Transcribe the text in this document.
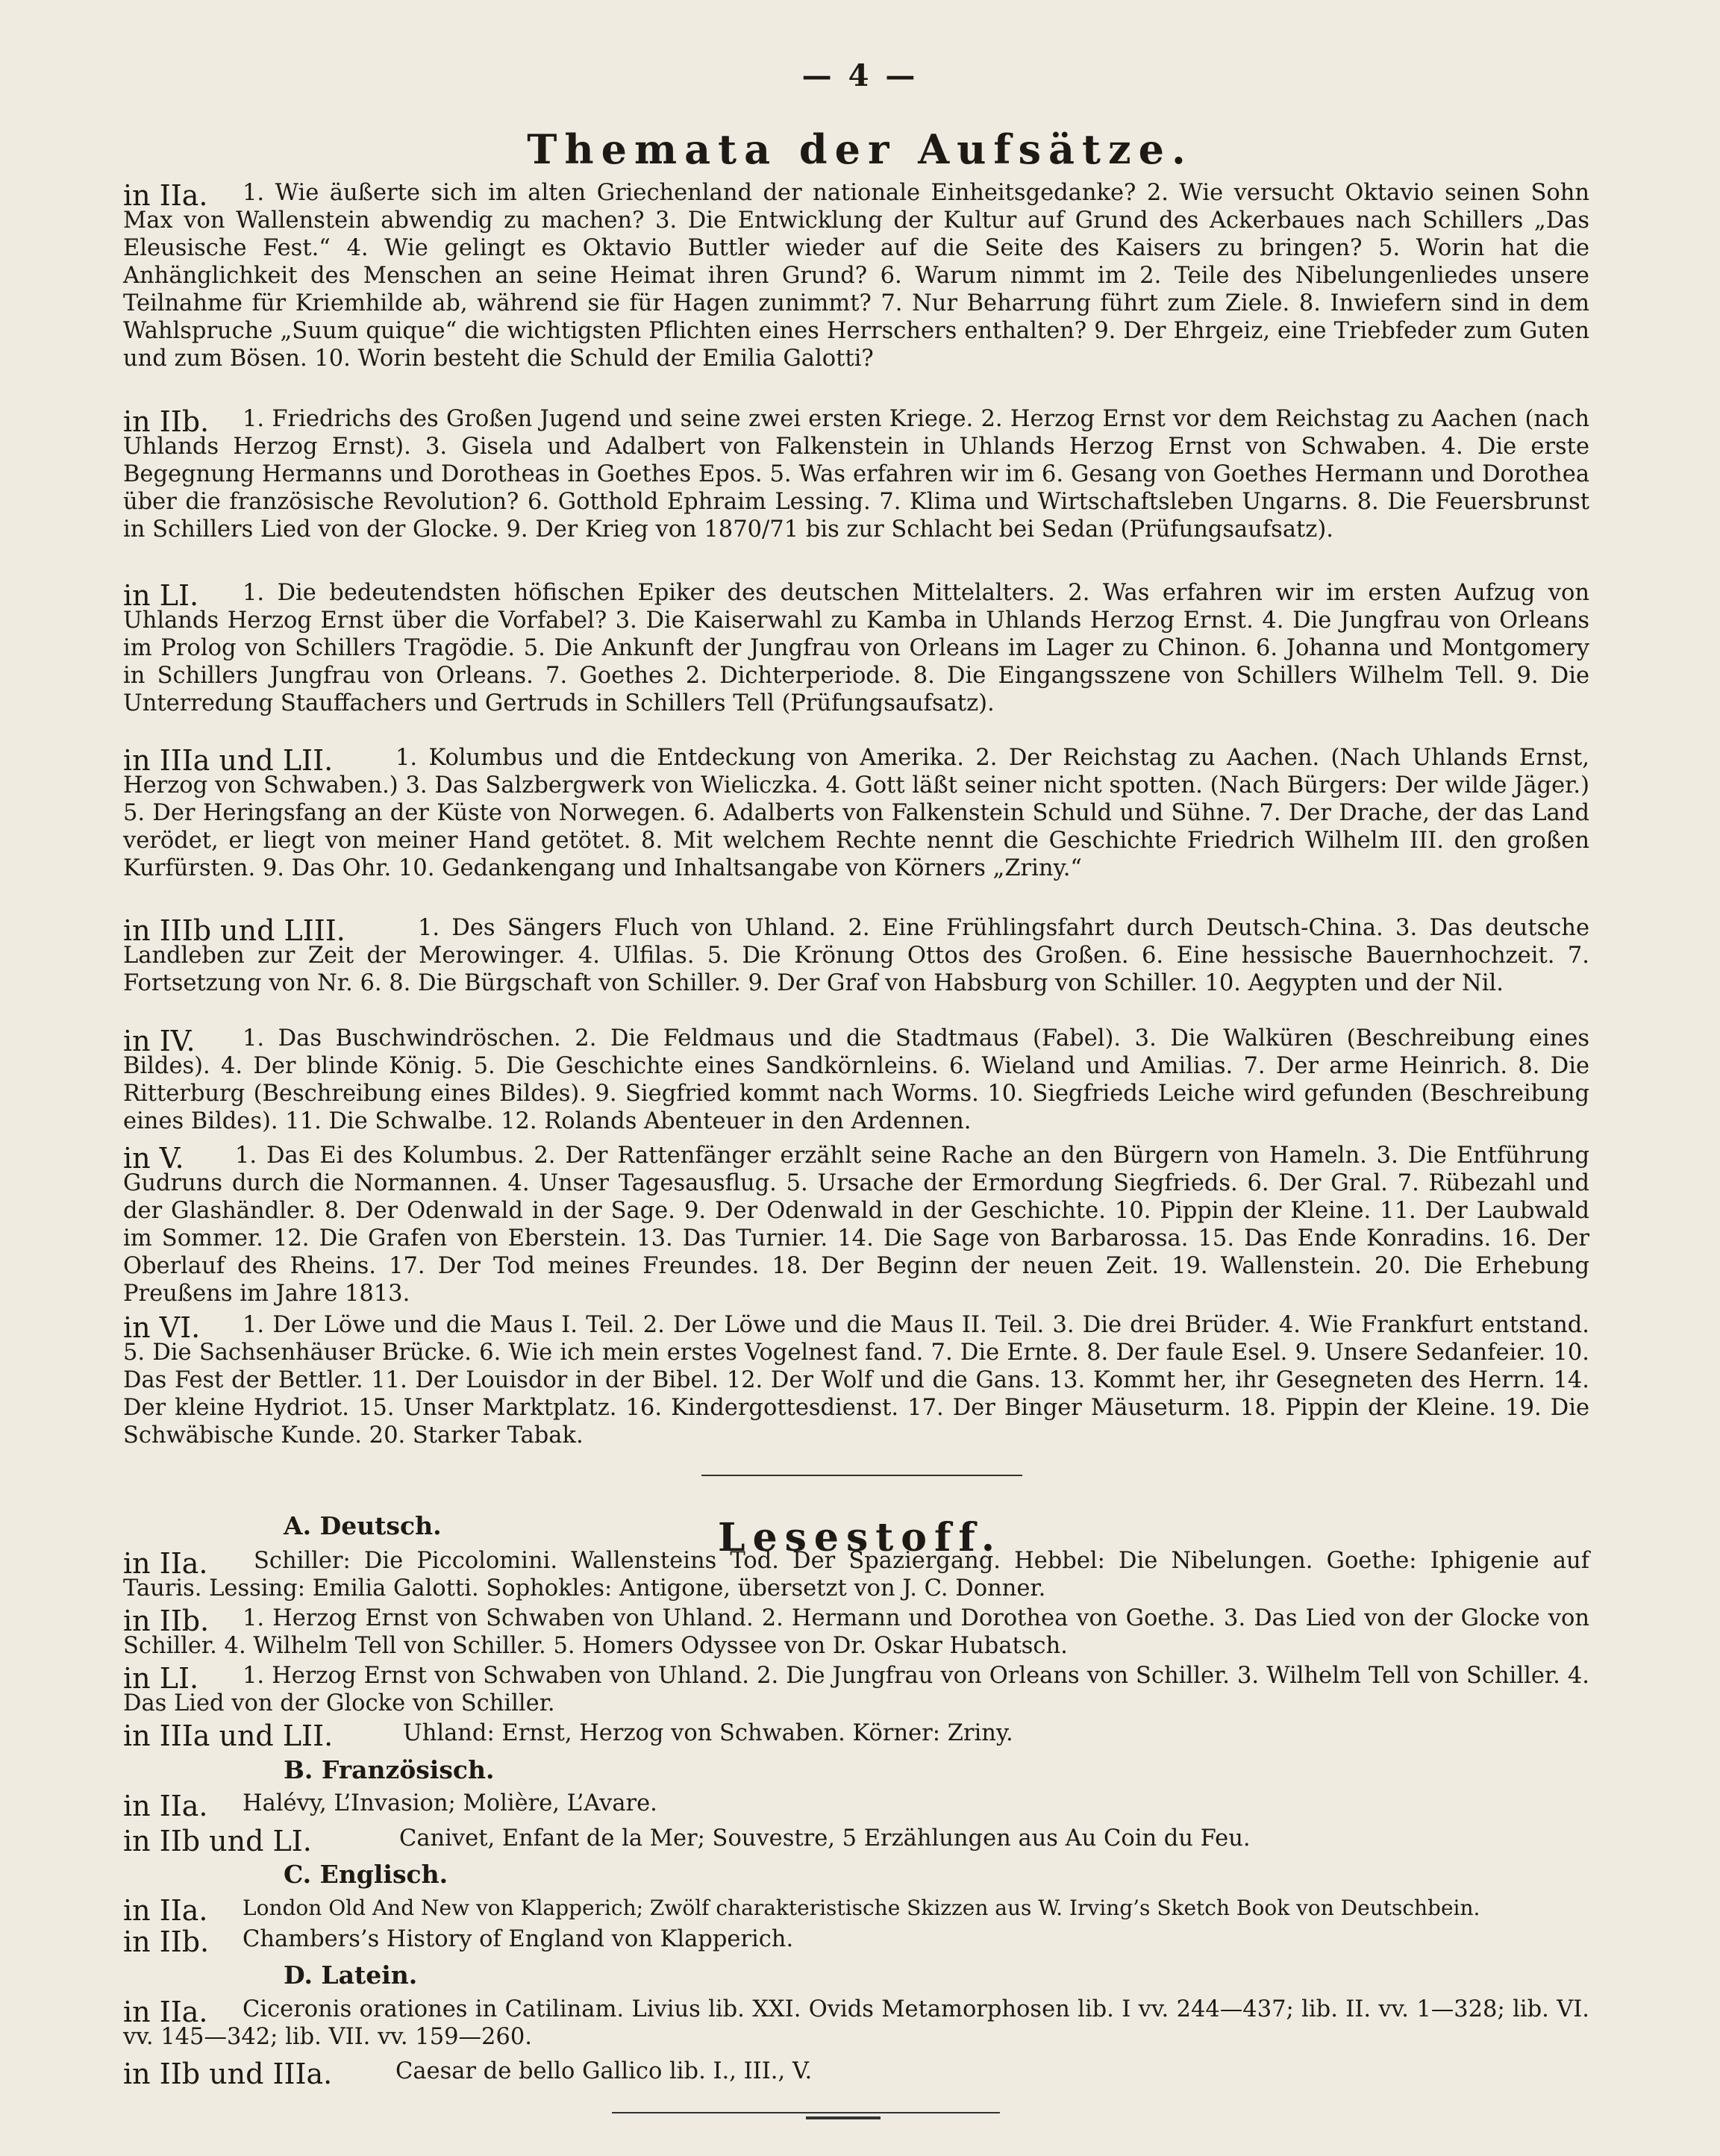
— 4 —
Themata der Aufsätze.
in IIa.	1. Wie äußerte sich im alten Griechenland der nationale Einheitsgedanke? 2. Wie versucht Oktavio seinen Sohn Max von Wallenstein abwendig zu machen? 3. Die Entwicklung der Kultur auf Grund des Ackerbaues nach Schillers „Das Eleusische Fest.“ 4. Wie gelingt es Oktavio Buttler wieder auf die Seite des Kaisers zu bringen? 5. Worin hat die Anhänglichkeit des Menschen an seine Heimat ihren Grund? 6. Warum nimmt im 2. Teile des Nibelungenliedes unsere Teilnahme für Kriemhilde ab, während sie für Hagen zunimmt? 7. Nur Beharrung führt zum Ziele. 8. Inwiefern sind in dem Wahlspruche „Suum quique“ die wichtigsten Pflichten eines Herrschers enthalten? 9. Der Ehrgeiz, eine Triebfeder zum Guten und zum Bösen. 10. Worin besteht die Schuld der Emilia Galotti?

in IIb.	1. Friedrichs des Großen Jugend und seine zwei ersten Kriege. 2. Herzog Ernst vor dem Reichstag zu Aachen (nach Uhlands Herzog Ernst). 3. Gisela und Adalbert von Falkenstein in Uhlands Herzog Ernst von Schwaben. 4. Die erste Begegnung Hermanns und Dorotheas in Goethes Epos. 5. Was erfahren wir im 6. Gesang von Goethes Hermann und Dorothea über die französische Revolution? 6. Gotthold Ephraim Lessing. 7. Klima und Wirtschaftsleben Ungarns. 8. Die Feuersbrunst in Schillers Lied von der Glocke. 9. Der Krieg von 1870/71 bis zur Schlacht bei Sedan (Prüfungsaufsatz).

in LI.	1. Die bedeutendsten höfischen Epiker des deutschen Mittelalters. 2. Was erfahren wir im ersten Aufzug von Uhlands Herzog Ernst über die Vorfabel? 3. Die Kaiserwahl zu Kamba in Uhlands Herzog Ernst. 4. Die Jungfrau von Orleans im Prolog von Schillers Tragödie. 5. Die Ankunft der Jungfrau von Orleans im Lager zu Chinon. 6. Johanna und Montgomery in Schillers Jungfrau von Orleans. 7. Goethes 2. Dichterperiode. 8. Die Eingangsszene von Schillers Wilhelm Tell. 9. Die Unterredung Stauffachers und Gertruds in Schillers Tell (Prüfungsaufsatz).

in IIIa und LII.	1. Kolumbus und die Entdeckung von Amerika. 2. Der Reichstag zu Aachen. (Nach Uhlands Ernst, Herzog von Schwaben.) 3. Das Salzbergwerk von Wieliczka. 4. Gott läßt seiner nicht spotten. (Nach Bürgers: Der wilde Jäger.) 5. Der Heringsfang an der Küste von Norwegen. 6. Adalberts von Falkenstein Schuld und Sühne. 7. Der Drache, der das Land verödet, er liegt von meiner Hand getötet. 8. Mit welchem Rechte nennt die Geschichte Friedrich Wilhelm III. den großen Kurfürsten. 9. Das Ohr. 10. Gedankengang und Inhaltsangabe von Körners „Zriny.“

in IIIb und LIII.	1. Des Sängers Fluch von Uhland. 2. Eine Frühlingsfahrt durch Deutsch-China. 3. Das deutsche Landleben zur Zeit der Merowinger. 4. Ulfilas. 5. Die Krönung Ottos des Großen. 6. Eine hessische Bauernhochzeit. 7. Fortsetzung von Nr. 6. 8. Die Bürgschaft von Schiller. 9. Der Graf von Habsburg von Schiller. 10. Aegypten und der Nil.

in IV.	1. Das Buschwindröschen. 2. Die Feldmaus und die Stadtmaus (Fabel). 3. Die Walküren (Beschreibung eines Bildes). 4. Der blinde König. 5. Die Geschichte eines Sandkörnleins. 6. Wieland und Amilias. 7. Der arme Heinrich. 8. Die Ritterburg (Beschreibung eines Bildes). 9. Siegfried kommt nach Worms. 10. Siegfrieds Leiche wird gefunden (Beschreibung eines Bildes). 11. Die Schwalbe. 12. Rolands Abenteuer in den Ardennen.

in V.	1. Das Ei des Kolumbus. 2. Der Rattenfänger erzählt seine Rache an den Bürgern von Hameln. 3. Die Entführung Gudruns durch die Normannen. 4. Unser Tagesausflug. 5. Ursache der Ermordung Siegfrieds. 6. Der Gral. 7. Rübezahl und der Glashändler. 8. Der Odenwald in der Sage. 9. Der Odenwald in der Geschichte. 10. Pippin der Kleine. 11. Der Laubwald im Sommer. 12. Die Grafen von Eberstein. 13. Das Turnier. 14. Die Sage von Barbarossa. 15. Das Ende Konradins. 16. Der Oberlauf des Rheins. 17. Der Tod meines Freundes. 18. Der Beginn der neuen Zeit. 19. Wallenstein. 20. Die Erhebung Preußens im Jahre 1813.

in VI.	1. Der Löwe und die Maus I. Teil. 2. Der Löwe und die Maus II. Teil. 3. Die drei Brüder. 4. Wie Frankfurt entstand. 5. Die Sachsenhäuser Brücke. 6. Wie ich mein erstes Vogelnest fand. 7. Die Ernte. 8. Der faule Esel. 9. Unsere Sedanfeier. 10. Das Fest der Bettler. 11. Der Louisdor in der Bibel. 12. Der Wolf und die Gans. 13. Kommt her, ihr Gesegneten des Herrn. 14. Der kleine Hydriot. 15. Unser Marktplatz. 16. Kindergottesdienst. 17. Der Binger Mäuseturm. 18. Pippin der Kleine. 19. Die Schwäbische Kunde. 20. Starker Tabak.

Lesestoff.
A. Deutsch.
in IIa.	Schiller: Die Piccolomini. Wallensteins Tod. Der Spaziergang. Hebbel: Die Nibelungen. Goethe: Iphigenie auf Tauris. Lessing: Emilia Galotti. Sophokles: Antigone, übersetzt von J. C. Donner.

in IIb.	1. Herzog Ernst von Schwaben von Uhland. 2. Hermann und Dorothea von Goethe. 3. Das Lied von der Glocke von Schiller. 4. Wilhelm Tell von Schiller. 5. Homers Odyssee von Dr. Oskar Hubatsch.

in LI.	1. Herzog Ernst von Schwaben von Uhland. 2. Die Jungfrau von Orleans von Schiller. 3. Wilhelm Tell von Schiller. 4. Das Lied von der Glocke von Schiller.

in IIIa und LII.	Uhland: Ernst, Herzog von Schwaben. Körner: Zriny.

B. Französisch.
in IIa.	Halévy, L’Invasion; Molière, L’Avare.

in IIb und LI.	Canivet, Enfant de la Mer; Souvestre, 5 Erzählungen aus Au Coin du Feu.

C. Englisch.
in IIa.	London Old And New von Klapperich; Zwölf charakteristische Skizzen aus W. Irving’s Sketch Book von Deutschbein.

in IIb.	Chambers’s History of England von Klapperich.

D. Latein.
in IIa.	Ciceronis orationes in Catilinam. Livius lib. XXI. Ovids Metamorphosen lib. I vv. 244—437; lib. II. vv. 1—328; lib. VI. vv. 145—342; lib. VII. vv. 159—260.

in IIb und IIIa.	Caesar de bello Gallico lib. I., III., V.
